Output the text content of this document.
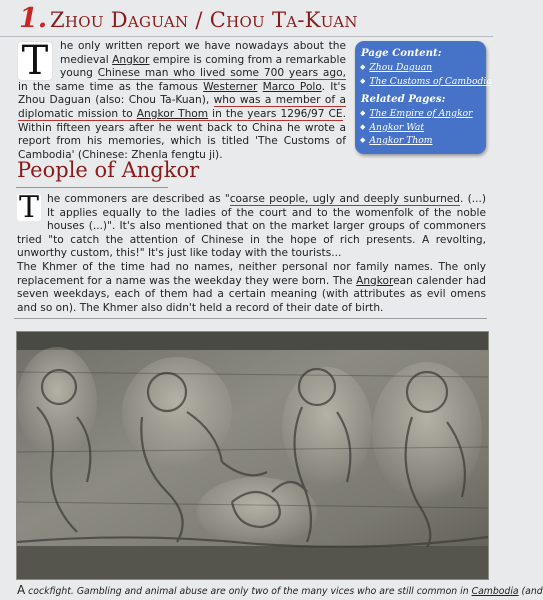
1. Zhou Daguan / Chou Ta-Kuan
T	he only written report we have nowadays about the medieval Angkor empire is coming from a remarkable young Chinese man who lived some 700 years ago, in the same time as the famous Westerner Marco Polo. It's Zhou Daguan (also: Chou Ta-Kuan), who was a member of a diplomatic mission to Angkor Thom in the years 1296/97 CE. Within fifteen years after he went back to China he wrote a report from his memories, which is titled 'The Customs of Cambodia' (Chinese: Zhenla fengtu ji).
Page Content:
◆ Zhou Daguan
◆ The Customs of Cambodia
Related Pages:
◆ The Empire of Angkor
◆ Angkor Wat
◆ Angkor Thom
People of Angkor
T he commoners are described as "coarse people, ugly and deeply sunburned. (...) It applies equally to the ladies of the court and to the womenfolk of the noble houses (...)". It's also mentioned that on the market larger groups of commoners tried "to catch the attention of Chinese in the hope of rich presents. A revolting, unworthy custom, this!" It's just like today with the tourists...
The Khmer of the time had no names, neither personal nor family names. The only replacement for a name was the weekday they were born. The Angkorean calender had seven weekdays, each of them had a certain meaning (with attributes as evil omens and so on). The Khmer also didn't held a record of their date of birth.
A cockfight. Gambling and animal abuse are only two of the many vices who are still common in Cambodia (and
